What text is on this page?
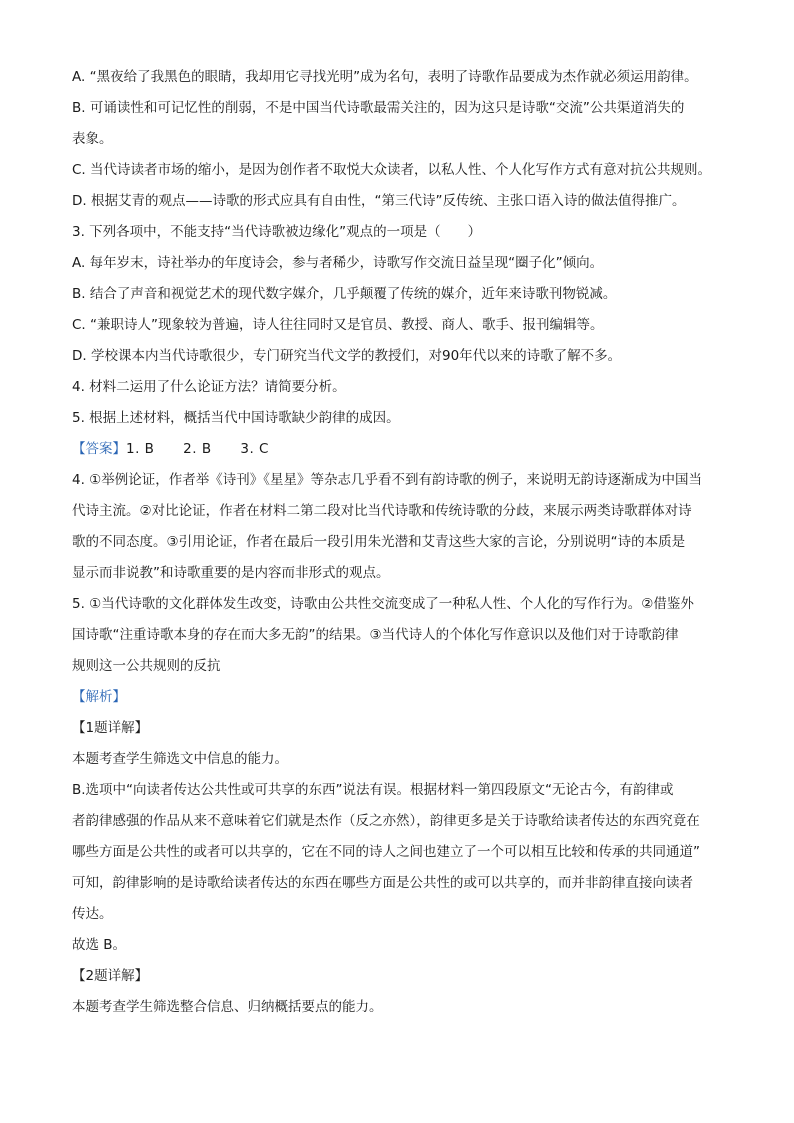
A. “黑夜给了我黑色的眼睛，我却用它寻找光明”成为名句，表明了诗歌作品要成为杰作就必须运用韵律。
B. 可诵读性和可记忆性的削弱，不是中国当代诗歌最需关注的，因为这只是诗歌“交流”公共渠道消失的
表象。
C. 当代诗读者市场的缩小，是因为创作者不取悦大众读者，以私人性、个人化写作方式有意对抗公共规则。
D. 根据艾青的观点——诗歌的形式应具有自由性，“第三代诗”反传统、主张口语入诗的做法值得推广。
3. 下列各项中，不能支持“当代诗歌被边缘化”观点的一项是（　　）
A. 每年岁末，诗社举办的年度诗会，参与者稀少，诗歌写作交流日益呈现“圈子化”倾向。
B. 结合了声音和视觉艺术的现代数字媒介，几乎颠覆了传统的媒介，近年来诗歌刊物锐减。
C. “兼职诗人”现象较为普遍，诗人往往同时又是官员、教授、商人、歌手、报刊编辑等。
D. 学校课本内当代诗歌很少，专门研究当代文学的教授们，对90年代以来的诗歌了解不多。
4. 材料二运用了什么论证方法？请简要分析。
5. 根据上述材料，概括当代中国诗歌缺少韵律的成因。
【答案】1. B      2. B      3. C
4. ①举例论证，作者举《诗刊》《星星》等杂志几乎看不到有韵诗歌的例子，来说明无韵诗逐渐成为中国当
代诗主流。②对比论证，作者在材料二第二段对比当代诗歌和传统诗歌的分歧，来展示两类诗歌群体对诗
歌的不同态度。③引用论证，作者在最后一段引用朱光潜和艾青这些大家的言论，分别说明“诗的本质是
显示而非说教”和诗歌重要的是内容而非形式的观点。
5. ①当代诗歌的文化群体发生改变，诗歌由公共性交流变成了一种私人性、个人化的写作行为。②借鉴外
国诗歌“注重诗歌本身的存在而大多无韵”的结果。③当代诗人的个体化写作意识以及他们对于诗歌韵律
规则这一公共规则的反抗
【解析】
【1题详解】
本题考查学生筛选文中信息的能力。
B.选项中“向读者传达公共性或可共享的东西”说法有误。根据材料一第四段原文“无论古今，有韵律或
者韵律感强的作品从来不意味着它们就是杰作（反之亦然），韵律更多是关于诗歌给读者传达的东西究竟在
哪些方面是公共性的或者可以共享的，它在不同的诗人之间也建立了一个可以相互比较和传承的共同通道”
可知，韵律影响的是诗歌给读者传达的东西在哪些方面是公共性的或可以共享的，而并非韵律直接向读者
传达。
故选 B。
【2题详解】
本题考查学生筛选整合信息、归纳概括要点的能力。
